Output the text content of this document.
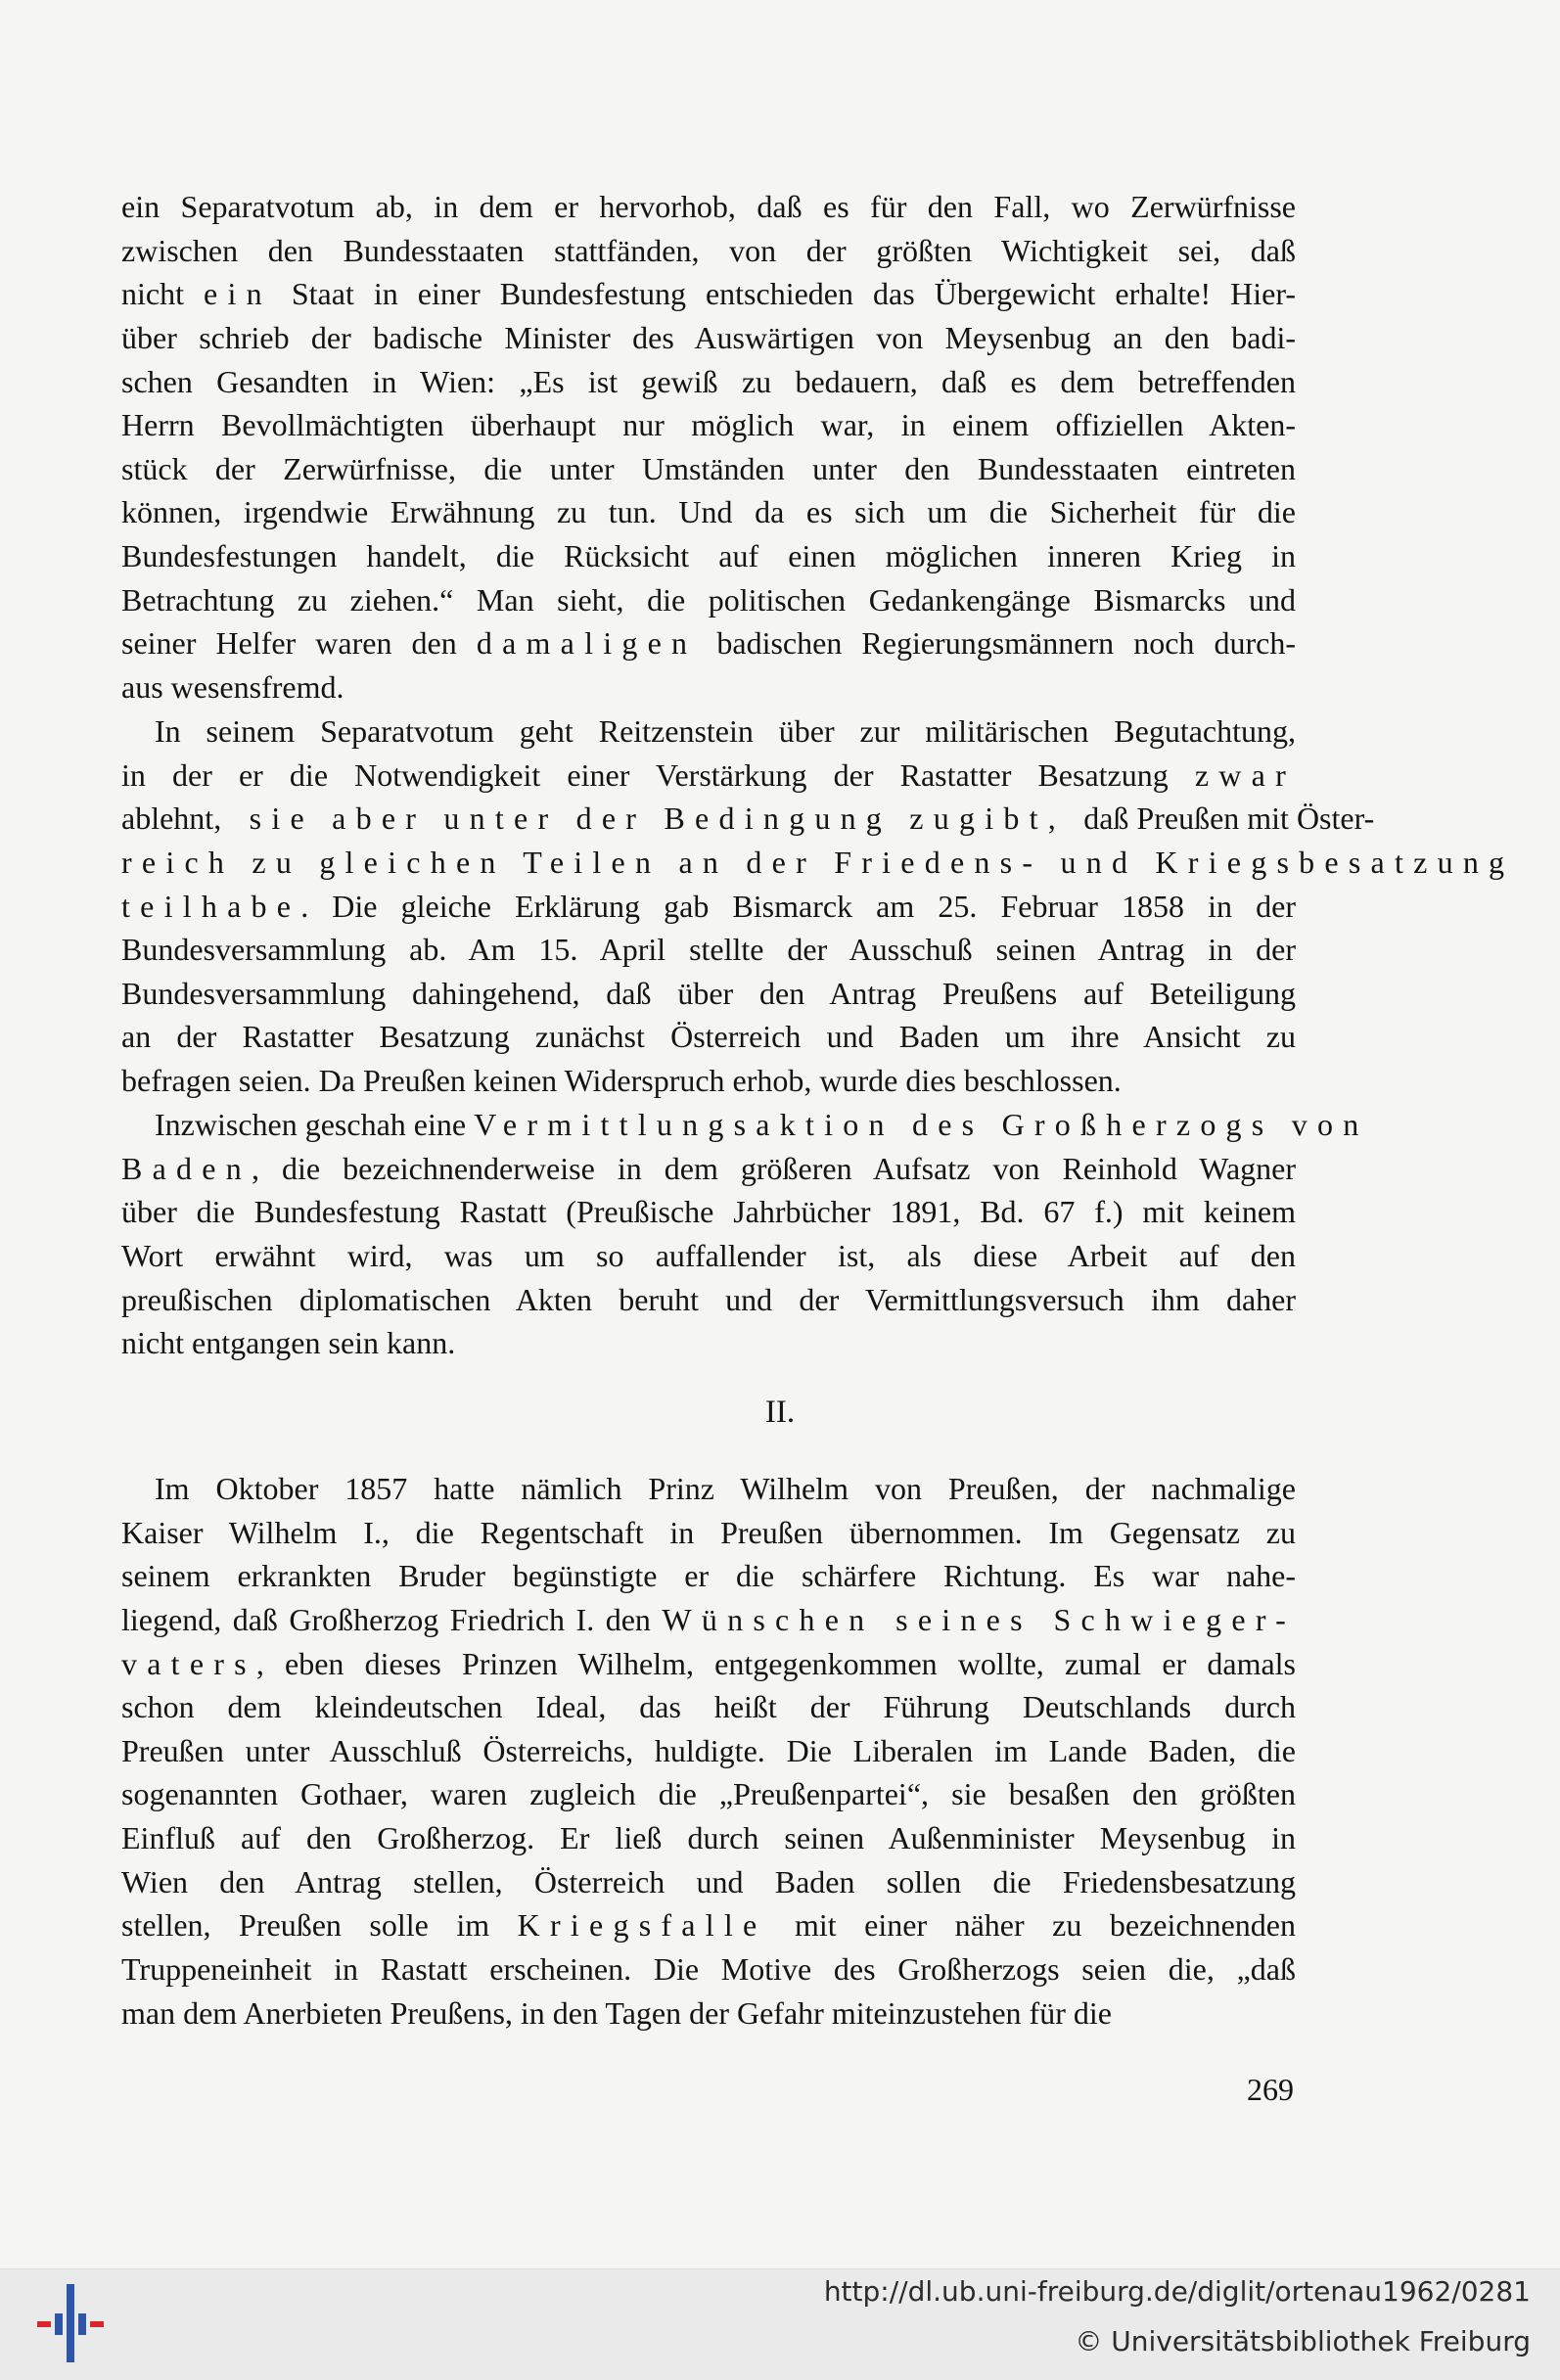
ein Separatvotum ab, in dem er hervorhob, daß es für den Fall, wo Zerwürfnisse
zwischen den Bundesstaaten stattfänden, von der größten Wichtigkeit sei, daß
nicht ein Staat in einer Bundesfestung entschieden das Übergewicht erhalte! Hier-
über schrieb der badische Minister des Auswärtigen von Meysenbug an den badi-
schen Gesandten in Wien: „Es ist gewiß zu bedauern, daß es dem betreffenden
Herrn Bevollmächtigten überhaupt nur möglich war, in einem offiziellen Akten-
stück der Zerwürfnisse, die unter Umständen unter den Bundesstaaten eintreten
können, irgendwie Erwähnung zu tun. Und da es sich um die Sicherheit für die
Bundesfestungen handelt, die Rücksicht auf einen möglichen inneren Krieg in
Betrachtung zu ziehen.“ Man sieht, die politischen Gedankengänge Bismarcks und
seiner Helfer waren den damaligen badischen Regierungsmännern noch durch-
aus wesensfremd.
In seinem Separatvotum geht Reitzenstein über zur militärischen Begutachtung,
in der er die Notwendigkeit einer Verstärkung der Rastatter Besatzung zwar
ablehnt, sie aber unter der Bedingung zugibt, daß Preußen mit Öster-
reich zu gleichen Teilen an der Friedens- und Kriegsbesatzung
teilhabe. Die gleiche Erklärung gab Bismarck am 25. Februar 1858 in der
Bundesversammlung ab. Am 15. April stellte der Ausschuß seinen Antrag in der
Bundesversammlung dahingehend, daß über den Antrag Preußens auf Beteiligung
an der Rastatter Besatzung zunächst Österreich und Baden um ihre Ansicht zu
befragen seien. Da Preußen keinen Widerspruch erhob, wurde dies beschlossen.
Inzwischen geschah eine Vermittlungsaktion des Großherzogs von
Baden, die bezeichnenderweise in dem größeren Aufsatz von Reinhold Wagner
über die Bundesfestung Rastatt (Preußische Jahrbücher 1891, Bd. 67 f.) mit keinem
Wort erwähnt wird, was um so auffallender ist, als diese Arbeit auf den
preußischen diplomatischen Akten beruht und der Vermittlungsversuch ihm daher
nicht entgangen sein kann.
II.
Im Oktober 1857 hatte nämlich Prinz Wilhelm von Preußen, der nachmalige
Kaiser Wilhelm I., die Regentschaft in Preußen übernommen. Im Gegensatz zu
seinem erkrankten Bruder begünstigte er die schärfere Richtung. Es war nahe-
liegend, daß Großherzog Friedrich I. den Wünschen seines Schwieger-
vaters, eben dieses Prinzen Wilhelm, entgegenkommen wollte, zumal er damals
schon dem kleindeutschen Ideal, das heißt der Führung Deutschlands durch
Preußen unter Ausschluß Österreichs, huldigte. Die Liberalen im Lande Baden, die
sogenannten Gothaer, waren zugleich die „Preußenpartei“, sie besaßen den größten
Einfluß auf den Großherzog. Er ließ durch seinen Außenminister Meysenbug in
Wien den Antrag stellen, Österreich und Baden sollen die Friedensbesatzung
stellen, Preußen solle im Kriegsfalle mit einer näher zu bezeichnenden
Truppeneinheit in Rastatt erscheinen. Die Motive des Großherzogs seien die, „daß
man dem Anerbieten Preußens, in den Tagen der Gefahr miteinzustehen für die
269
http://dl.ub.uni-freiburg.de/diglit/ortenau1962/0281
© Universitätsbibliothek Freiburg
